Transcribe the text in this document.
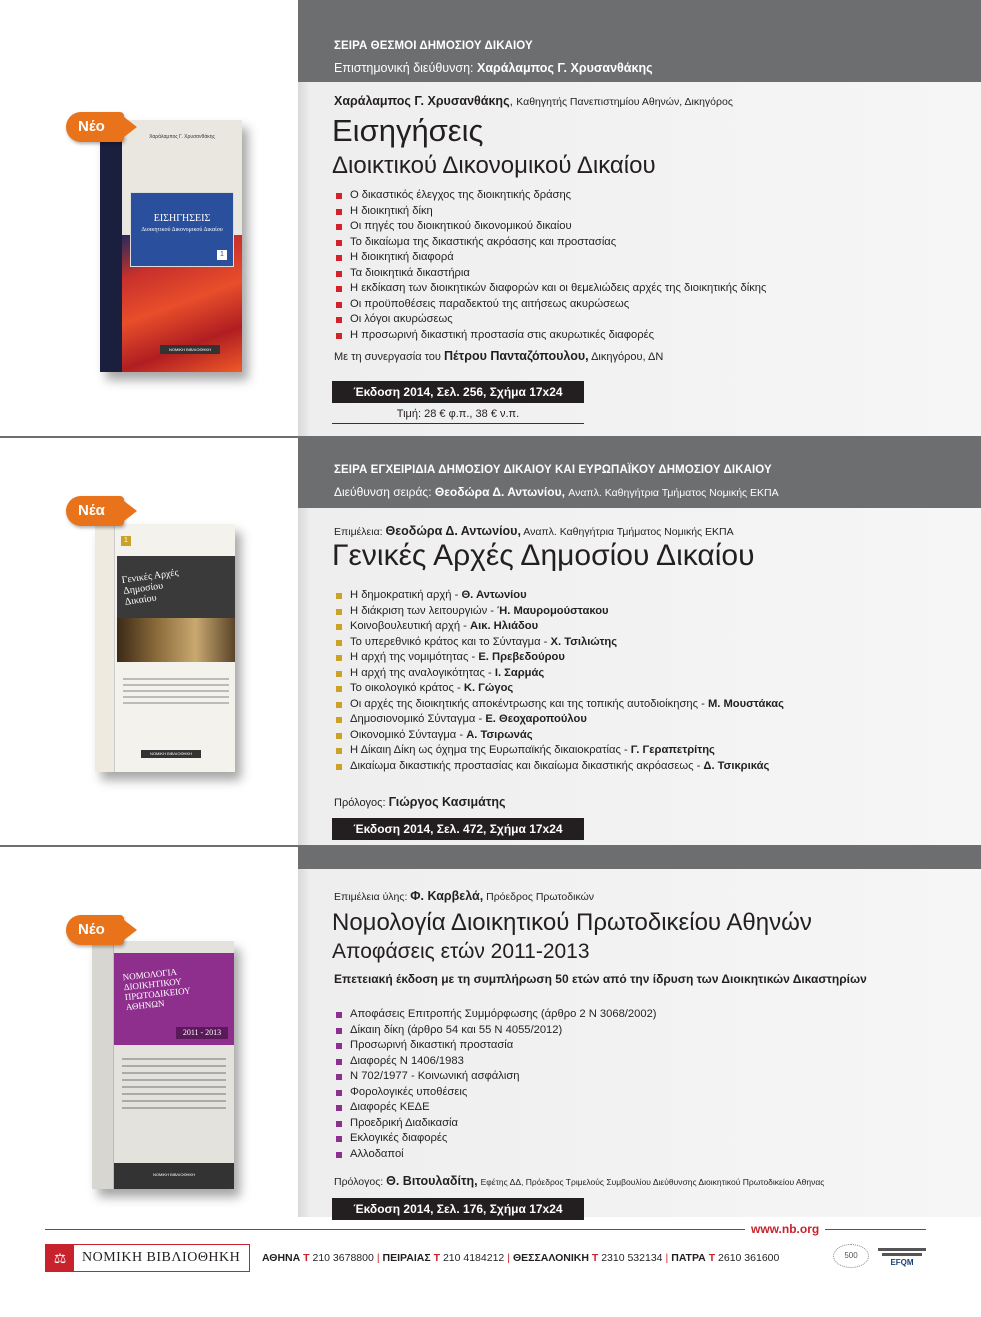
Χαράλαμπος Γ. Χρυσανθάκης
ΕΙΣΗΓΗΣΕΙΣ
Διοικητικού Δικονομικού Δικαίου
1
ΝΟΜΙΚΗ ΒΙΒΛΙΟΘΗΚΗ
Νέο
ΣΕΙΡΑ ΘΕΣΜΟΙ ΔΗΜΟΣΙΟΥ ΔΙΚΑΙΟΥ
Επιστημονική διεύθυνση: Χαράλαμπος Γ. Χρυσανθάκης
Χαράλαμπος Γ. Χρυσανθάκης, Καθηγητής Πανεπιστημίου Αθηνών, Δικηγόρος
Εισηγήσεις
Διοικτικού Δικονομικού Δικαίου
Ο δικαστικός έλεγχος της διοικητικής δράσης
Η διοικητική δίκη
Οι πηγές του διοικητικού δικονομικού δικαίου
Το δικαίωμα της δικαστικής ακρόασης και προστασίας
Η διοικητική διαφορά
Τα διοικητικά δικαστήρια
Η εκδίκαση των διοικητικών διαφορών και οι θεμελιώδεις αρχές της διοικητικής δίκης
Οι προϋποθέσεις παραδεκτού της αιτήσεως ακυρώσεως
Οι λόγοι ακυρώσεως
Η προσωρινή δικαστική προστασία στις ακυρωτικές διαφορές
Με τη συνεργασία του Πέτρου Πανταζόπουλου, Δικηγόρου, ΔΝ
Έκδοση 2014, Σελ. 256, Σχήμα 17x24
Τιμή: 28 € φ.π., 38 € ν.π.
1
Γενικές Αρχές Δημοσίου Δικαίου
ΝΟΜΙΚΗ ΒΙΒΛΙΟΘΗΚΗ
Νέα
ΣΕΙΡΑ ΕΓΧΕΙΡΙΔΙΑ ΔΗΜΟΣΙΟΥ ΔΙΚΑΙΟΥ ΚΑΙ ΕΥΡΩΠΑΪΚΟΥ ΔΗΜΟΣΙΟΥ ΔΙΚΑΙΟΥ
Διεύθυνση σειράς: Θεοδώρα Δ. Αντωνίου, Αναπλ. Καθηγήτρια Τμήματος Νομικής ΕΚΠΑ
Επιμέλεια: Θεοδώρα Δ. Αντωνίου, Αναπλ. Καθηγήτρια Τμήματος Νομικής ΕΚΠΑ
Γενικές Αρχές Δημοσίου Δικαίου
Η δημοκρατική αρχή - Θ. Αντωνίου
Η διάκριση των λειτουργιών - Ή. Μαυρομούστακου
Κοινοβουλευτική αρχή - Αικ. Ηλιάδου
Το υπερεθνικό κράτος και το Σύνταγμα - Χ. Τσιλιώτης
Η αρχή της νομιμότητας - Ε. Πρεβεδούρου
Η αρχή της αναλογικότητας - Ι. Σαρμάς
Το οικολογικό κράτος - Κ. Γώγος
Οι αρχές της διοικητικής αποκέντρωσης και της τοπικής αυτοδιοίκησης - Μ. Μουστάκας
Δημοσιονομικό Σύνταγμα - Ε. Θεοχαροπούλου
Οικονομικό Σύνταγμα - Α. Τσιρωνάς
Η Δίκαιη Δίκη ως όχημα της Ευρωπαϊκής δικαιοκρατίας - Γ. Γεραπετρίτης
Δικαίωμα δικαστικής προστασίας και δικαίωμα δικαστικής ακρόασεως - Δ. Τσικρικάς
Πρόλογος: Γιώργος Κασιμάτης
Έκδοση 2014, Σελ. 472, Σχήμα 17x24
ΝΟΜΟΛΟΓΙΑ ΔΙΟΙΚΗΤΙΚΟΥ ΠΡΩΤΟΔΙΚΕΙΟΥ ΑΘΗΝΩΝ
2011 - 2013
ΝΟΜΙΚΗ ΒΙΒΛΙΟΘΗΚΗ
Νέο
Επιμέλεια ύλης: Φ. Καρβελά, Πρόεδρος Πρωτοδικών
Νομολογία Διοικητικού Πρωτοδικείου Αθηνών
Αποφάσεις ετών 2011-2013
Επετειακή έκδοση με τη συμπλήρωση 50 ετών από την ίδρυση των Διοικητικών Δικαστηρίων
Αποφάσεις Επιτροπής Συμμόρφωσης (άρθρο 2 Ν 3068/2002)
Δίκαιη δίκη (άρθρο 54 και 55 Ν 4055/2012)
Προσωρινή δικαστική προστασία
Διαφορές Ν 1406/1983
Ν 702/1977 - Κοινωνική ασφάλιση
Φορολογικές υποθέσεις
Διαφορές ΚΕΔΕ
Προεδρική Διαδικασία
Εκλογικές διαφορές
Αλλοδαποί
Πρόλογος: Θ. Βιτουλαδίτη, Εφέτης ΔΔ, Πρόεδρος Τριμελούς Συμβουλίου Διεύθυνσης Διοικητικού Πρωτοδικείου Αθηνας
Έκδοση 2014, Σελ. 176, Σχήμα 17x24
www.nb.org
⚖	ΝΟΜΙΚΗ ΒΙΒΛΙΟΘΗΚΗ ΑΘΗΝΑ Τ 210 3678800 | ΠΕΙΡΑΙΑΣ Τ 210 4184212 | ΘΕΣΣΑΛΟΝΙΚΗ Τ 2310 532134 | ΠΑΤΡΑ Τ 2610 361600	500
EFQM
